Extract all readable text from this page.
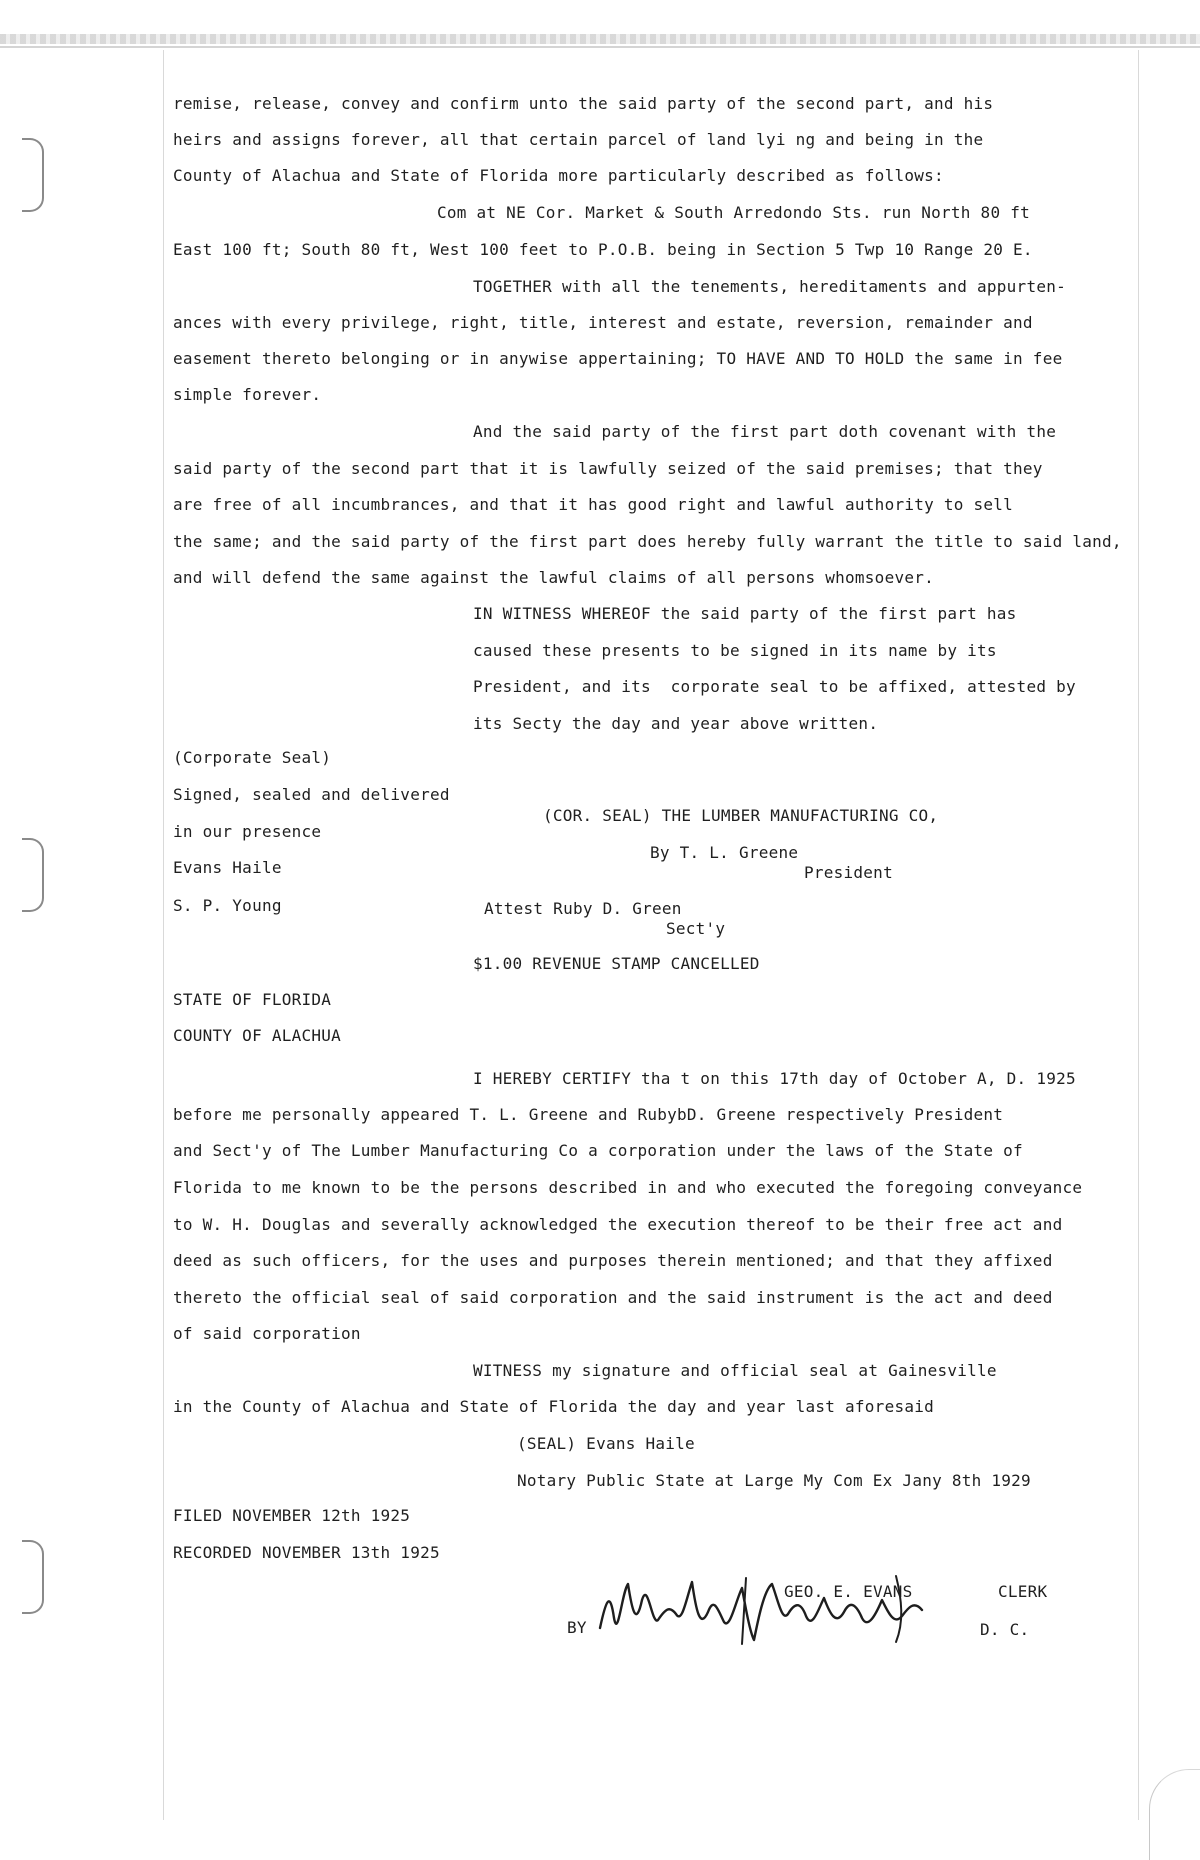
remise, release, convey and confirm unto the said party of the second part, and his

heirs and assigns forever, all that certain parcel of land lyi ng and being in the

County of Alachua and State of Florida more particularly described as follows:

Com at NE Cor. Market & South Arredondo Sts. run North 80 ft

East 100 ft; South 80 ft, West 100 feet to P.O.B. being in Section 5 Twp 10 Range 20 E.

TOGETHER with all the tenements, hereditaments and appurten-

ances with every privilege, right, title, interest and estate, reversion, remainder and

easement thereto belonging or in anywise appertaining; TO HAVE AND TO HOLD the same in fee

simple forever.

And the said party of the first part doth covenant with the

said party of the second part that it is lawfully seized of the said premises; that they

are free of all incumbrances, and that it has good right and lawful authority to sell

the same; and the said party of the first part does hereby fully warrant the title to said land,

and will defend the same against the lawful claims of all persons whomsoever.

IN WITNESS WHEREOF the said party of the first part has

caused these presents to be signed in its name by its

President, and its  corporate seal to be affixed, attested by

its Secty the day and year above written.

(Corporate Seal)

Signed, sealed and delivered

in our presence

Evans Haile

S. P. Young

(COR. SEAL) THE LUMBER MANUFACTURING CO,

By T. L. Greene

President

Attest Ruby D. Green

Sect'y

$1.00 REVENUE STAMP CANCELLED

STATE OF FLORIDA

COUNTY OF ALACHUA

I HEREBY CERTIFY tha t on this 17th day of October A, D. 1925

before me personally appeared T. L. Greene and RubybD. Greene respectively President

and Sect'y of The Lumber Manufacturing Co a corporation under the laws of the State of

Florida to me known to be the persons described in and who executed the foregoing conveyance

to W. H. Douglas and severally acknowledged the execution thereof to be their free act and

deed as such officers, for the uses and purposes therein mentioned; and that they affixed

thereto the official seal of said corporation and the said instrument is the act and deed

of said corporation

WITNESS my signature and official seal at Gainesville

in the County of Alachua and State of Florida the day and year last aforesaid

(SEAL) Evans Haile

Notary Public State at Large My Com Ex Jany 8th 1929

FILED NOVEMBER 12th 1925

RECORDED NOVEMBER 13th 1925

GEO. E. EVANS	CLERK

BY	D. C.
